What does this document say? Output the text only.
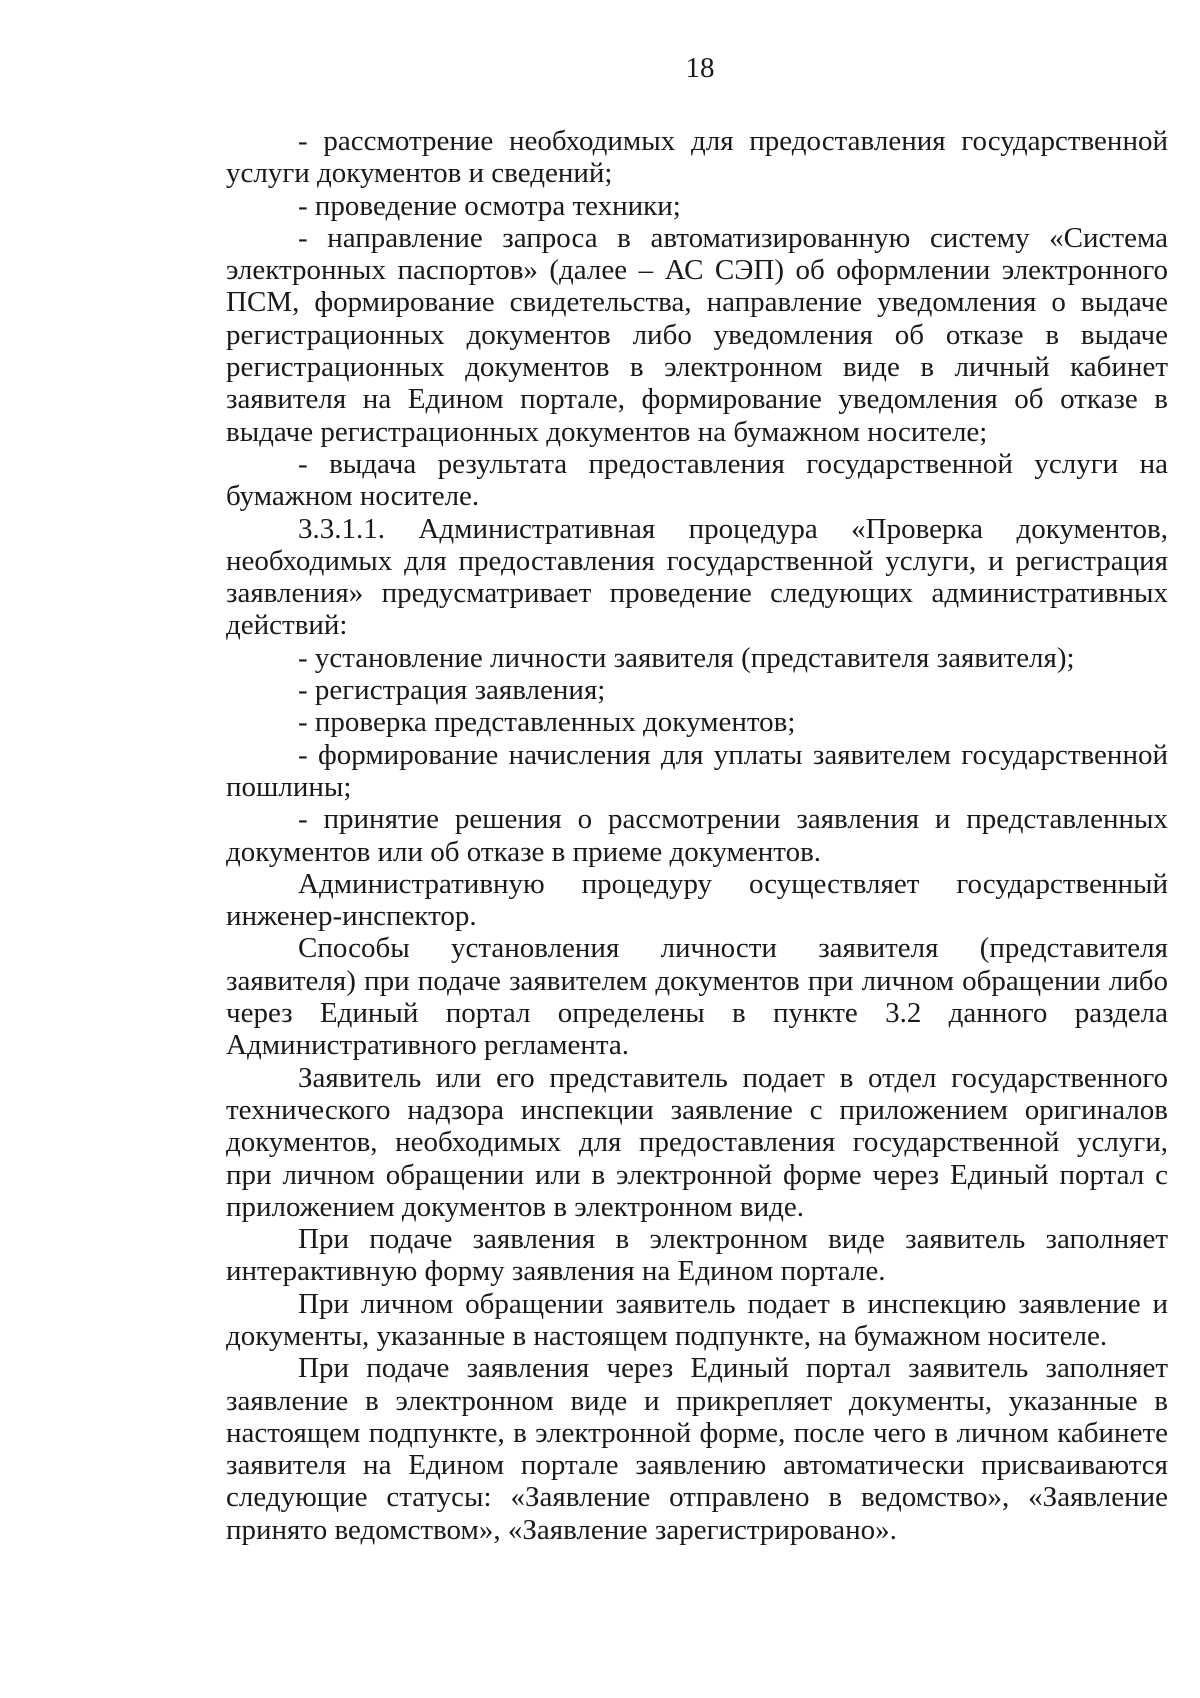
18

- рассмотрение необходимых для предоставления государственной услуги документов и сведений;

- проведение осмотра техники;

- направление запроса в автоматизированную систему «Система электронных паспортов» (далее – АС СЭП) об оформлении электронного ПСМ, формирование свидетельства, направление уведомления о выдаче регистрационных документов либо уведомления об отказе в выдаче регистрационных документов в электронном виде в личный кабинет заявителя на Едином портале, формирование уведомления об отказе в выдаче регистрационных документов на бумажном носителе;

- выдача результата предоставления государственной услуги на бумажном носителе.

3.3.1.1. Административная процедура «Проверка документов, необходимых для предоставления государственной услуги, и регистрация заявления» предусматривает проведение следующих административных действий:

- установление личности заявителя (представителя заявителя);

- регистрация заявления;

- проверка представленных документов;

- формирование начисления для уплаты заявителем государственной пошлины;

- принятие решения о рассмотрении заявления и представленных документов или об отказе в приеме документов.

Административную процедуру осуществляет государственный инженер-инспектор.

Способы установления личности заявителя (представителя заявителя) при подаче заявителем документов при личном обращении либо через Единый портал определены в пункте 3.2 данного раздела Административного регламента.

Заявитель или его представитель подает в отдел государственного технического надзора инспекции заявление с приложением оригиналов документов, необходимых для предоставления государственной услуги, при личном обращении или в электронной форме через Единый портал с приложением документов в электронном виде.

При подаче заявления в электронном виде заявитель заполняет интерактивную форму заявления на Едином портале.

При личном обращении заявитель подает в инспекцию заявление и документы, указанные в настоящем подпункте, на бумажном носителе.

При подаче заявления через Единый портал заявитель заполняет заявление в электронном виде и прикрепляет документы, указанные в настоящем подпункте, в электронной форме, после чего в личном кабинете заявителя на Едином портале заявлению автоматически присваиваются следующие статусы: «Заявление отправлено в ведомство», «Заявление принято ведомством», «Заявление зарегистрировано».
